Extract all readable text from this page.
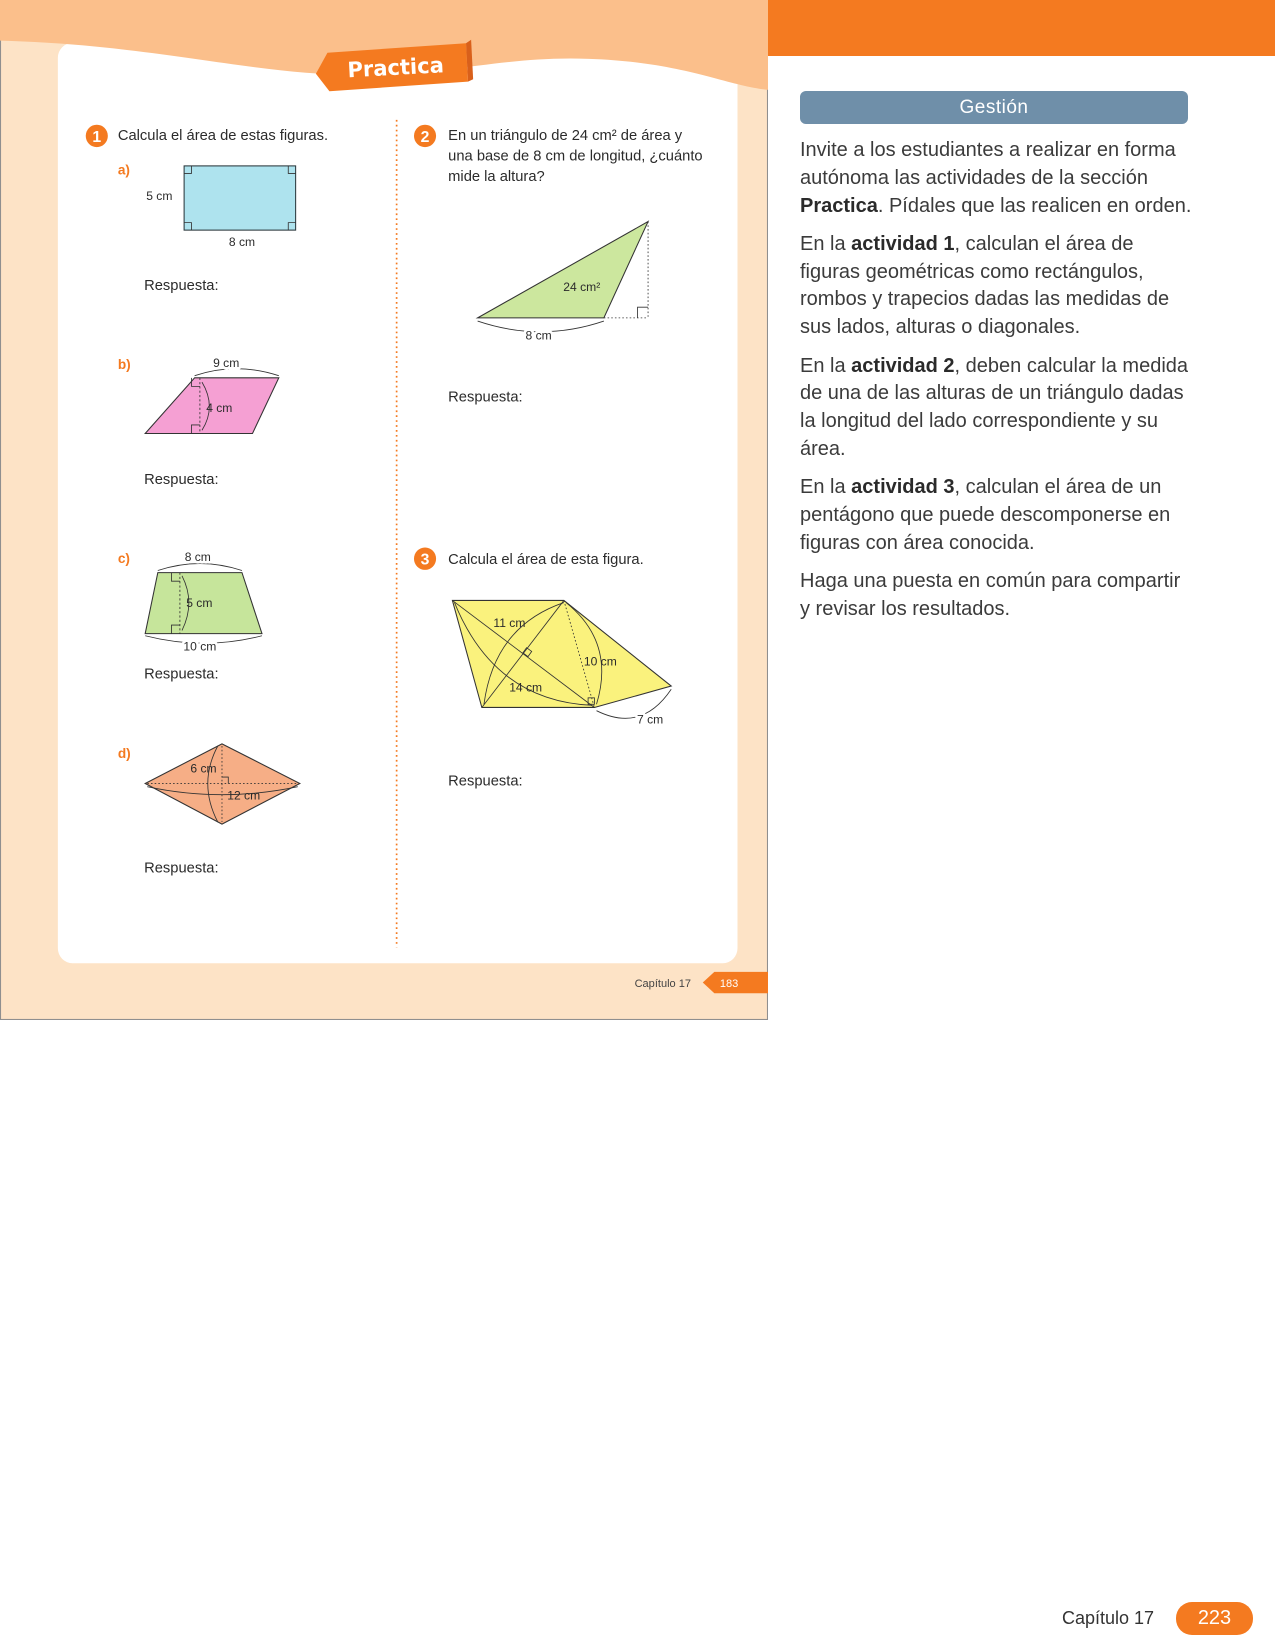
Practica
1 Calcula el área de estas figuras.
a)
5 cm
8 cm
Respuesta:
b)	9 cm
4 cm
Respuesta:
c)	8 cm
5 cm
10 cm
Respuesta:
d)
6 cm
12 cm
Respuesta:
2 En un triángulo de 24 cm² de área y
una base de 8 cm de longitud, ¿cuánto
mide la altura?
24 cm²
8 cm
Respuesta:
3 Calcula el área de esta figura.
11 cm
10 cm
14 cm
7 cm
Respuesta:
Capítulo 17	183
Gestión

Invite a los estudiantes a realizar en forma autónoma las actividades de la sección Practica. Pídales que las realicen en orden.

En la actividad 1, calculan el área de figuras geométricas como rectángulos, rombos y trapecios dadas las medidas de sus lados, alturas o diagonales.

En la actividad 2, deben calcular la medida de una de las alturas de un triángulo dadas la longitud del lado correspondiente y su área.

En la actividad 3, calculan el área de un pentágono que puede descomponerse en figuras con área conocida.

Haga una puesta en común para compartir y revisar los resultados.

Capítulo 17	223
